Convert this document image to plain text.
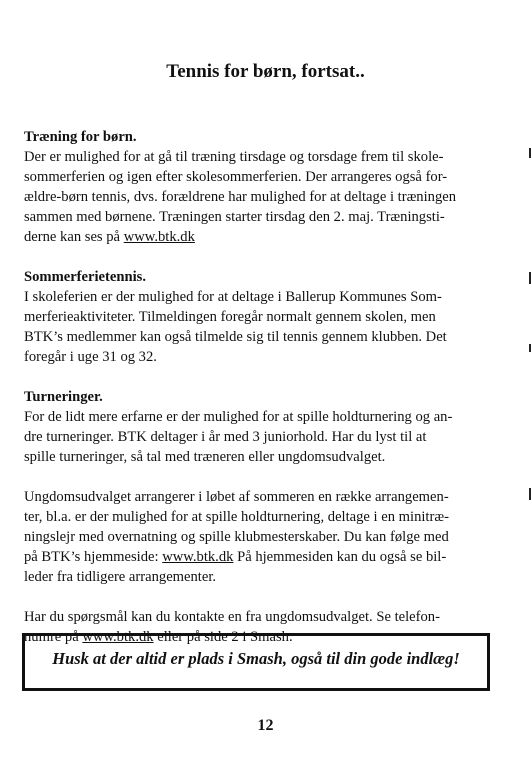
Tennis for børn, fortsat..
Træning for børn.
Der er mulighed for at gå til træning tirsdage og torsdage frem til skole-
sommerferien og igen efter skolesommerferien. Der arrangeres også for-
ældre-børn tennis, dvs. forældrene har mulighed for at deltage i træningen
sammen med børnene. Træningen starter tirsdag den 2. maj. Træningsti-
derne kan ses på www.btk.dk
Sommerferietennis.
I skoleferien er der mulighed for at deltage i Ballerup Kommunes Som-
merferieaktiviteter. Tilmeldingen foregår normalt gennem skolen, men
BTK’s medlemmer kan også tilmelde sig til tennis gennem klubben. Det
foregår i uge 31 og 32.
Turneringer.
For de lidt mere erfarne er der mulighed for at spille holdturnering og an-
dre turneringer. BTK deltager i år med 3 juniorhold. Har du lyst til at
spille turneringer, så tal med træneren eller ungdomsudvalget.
Ungdomsudvalget arrangerer i løbet af sommeren en række arrangemen-
ter, bl.a. er der mulighed for at spille holdturnering, deltage i en minitræ-
ningslejr med overnatning og spille klubmesterskaber. Du kan følge med
på BTK’s hjemmeside: www.btk.dk På hjemmesiden kan du også se bil-
leder fra tidligere arrangementer.
Har du spørgsmål kan du kontakte en fra ungdomsudvalget. Se telefon-
numre på www.btk.dk eller på side 2 i Smash.
Husk at der altid er plads i Smash, også til din gode indlæg!
12
